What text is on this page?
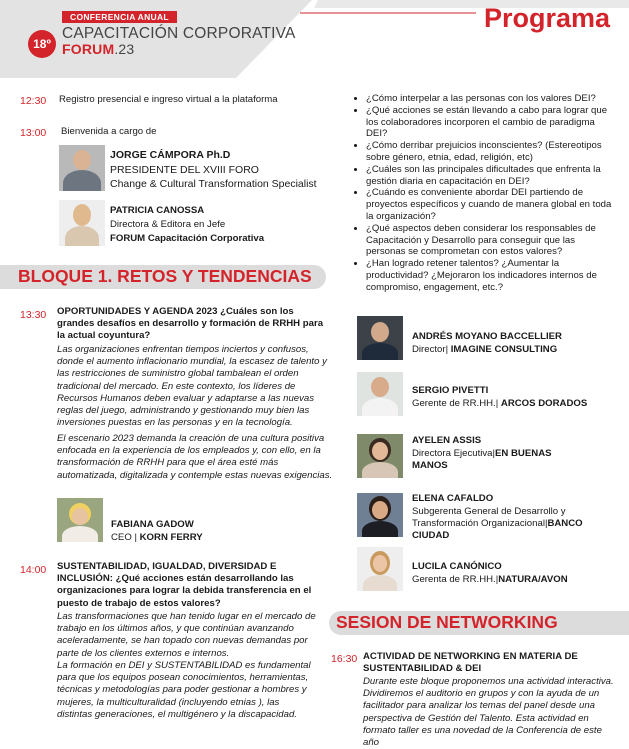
CONFERENCIA ANUAL
18º
CAPACITACIÓN CORPORATIVA
FORUM.23
Programa
12:30 Registro presencial e ingreso virtual a la plataforma
13:00 Bienvenida a cargo de
JORGE CÁMPORA Ph.D
PRESIDENTE DEL XVIII FORO
Change & Cultural Transformation Specialist
PATRICIA CANOSSA
Directora & Editora en Jefe
FORUM Capacitación Corporativa
BLOQUE 1. RETOS Y TENDENCIAS
13:30 OPORTUNIDADES Y AGENDA 2023 ¿Cuáles son los grandes desafíos en desarrollo y formación de RRHH para la actual coyuntura?
Las organizaciones enfrentan tiempos inciertos y confusos, donde el aumento inflacionario mundial, la escasez de talento y las restricciones de suministro global tambalean el orden tradicional del mercado. En este contexto, los líderes de Recursos Humanos deben evaluar y adaptarse a las nuevas reglas del juego, administrando y gestionando muy bien las inversiones puestas en las personas y en la tecnología.
El escenario 2023 demanda la creación de una cultura positiva enfocada en la experiencia de los empleados y, con ello, en la transformación de RRHH para que el área esté más automatizada, digitalizada y contemple estas nuevas exigencias.
FABIANA GADOW
CEO | KORN FERRY
14:00 SUSTENTABILIDAD, IGUALDAD, DIVERSIDAD E INCLUSIÓN: ¿Qué acciones están desarrollando las organizaciones para lograr la debida transferencia en el puesto de trabajo de estos valores?
Las transformaciones que han tenido lugar en el mercado de trabajo en los últimos años, y que continúan avanzando aceleradamente, se han topado con nuevas demandas por parte de los clientes externos e internos.
La formación en DEI y SUSTENTABILIDAD es fundamental para que los equipos posean conocimientos, herramientas, técnicas y metodologías para poder gestionar a hombres y mujeres, la multiculturalidad (incluyendo etnias ), las distintas generaciones, el multigénero y la discapacidad.
• ¿Cómo interpelar a las personas con los valores DEI?
• ¿Qué acciones se están llevando a cabo para lograr que los colaboradores incorporen el cambio de paradigma DEI?
• ¿Cómo derribar prejuicios inconscientes? (Estereotipos sobre género, etnia, edad, religión, etc)
• ¿Cuáles son las principales dificultades que enfrenta la gestión diaria en capacitación en DEI?
• ¿Cuándo es conveniente abordar DEI partiendo de proyectos específicos y cuando de manera global en toda la organización?
• ¿Qué aspectos deben considerar los responsables de Capacitación y Desarrollo para conseguir que las personas se comprometan con estos valores?
• ¿Han logrado retener talentos? ¿Aumentar la productividad? ¿Mejoraron los indicadores internos de compromiso, engagement, etc.?
ANDRÉS MOYANO BACCELLIER
Director| IMAGINE CONSULTING
SERGIO PIVETTI
Gerente de RR.HH.| ARCOS DORADOS
AYELEN ASSIS
Directora Ejecutiva|EN BUENAS MANOS
ELENA CAFALDO
Subgerenta General de Desarrollo y Transformación Organizacional|BANCO CIUDAD
LUCILA CANÓNICO
Gerenta de RR.HH.|NATURA/AVON
SESION DE NETWORKING
16:30 ACTIVIDAD DE NETWORKING EN MATERIA DE SUSTENTABILIDAD & DEI
Durante este bloque proponemos una actividad interactiva. Dividiremos el auditorio en grupos y con la ayuda de un facilitador para analizar los temas del panel desde una perspectiva de Gestión del Talento. Esta actividad en formato taller es una novedad de la Conferencia de este año
